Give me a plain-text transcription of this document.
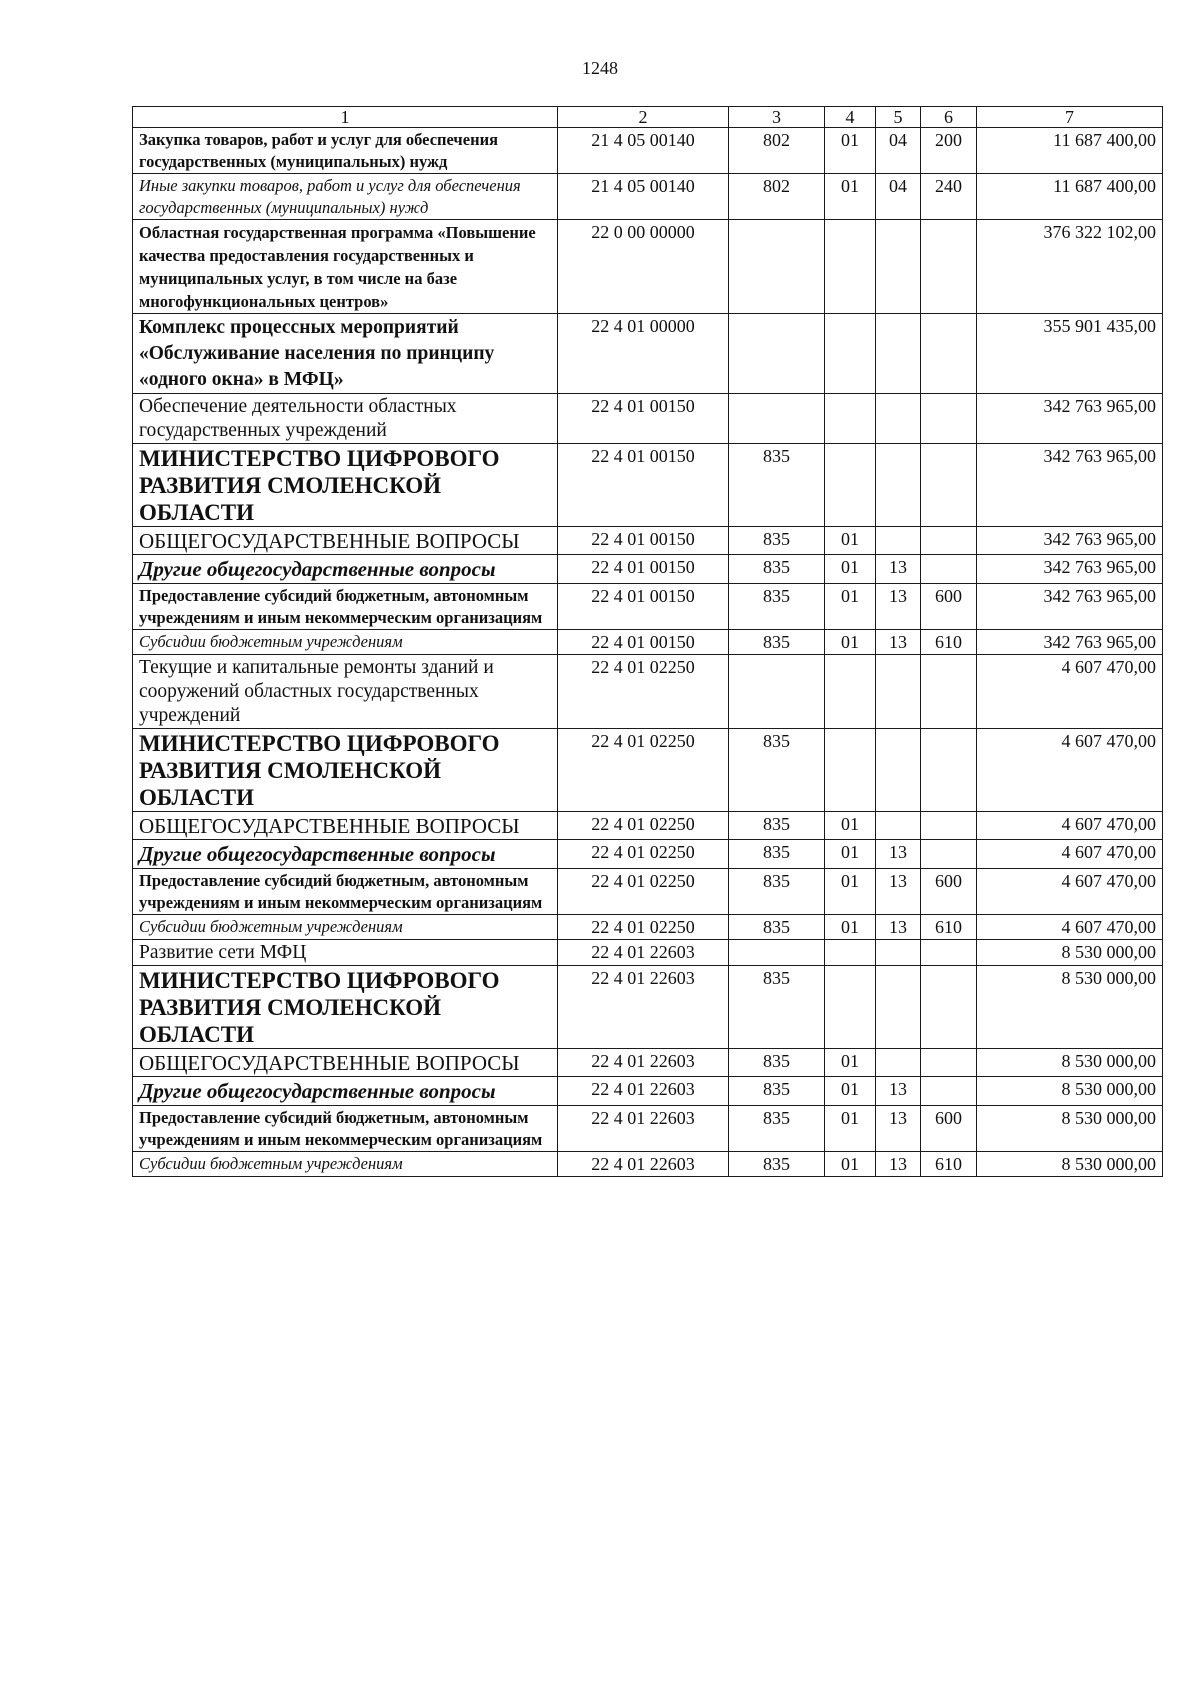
1248
1	2	3	4	5	6	7
Закупка товаров, работ и услуг для обеспечения государственных (муниципальных) нужд	21 4 05 00140	802	01	04	200	11 687 400,00
Иные закупки товаров, работ и услуг для обеспечения государственных (муниципальных) нужд	21 4 05 00140	802	01	04	240	11 687 400,00
Областная государственная программа «Повышение качества предоставления государственных и муниципальных услуг, в том числе на базе многофункциональных центров»	22 0 00 00000					376 322 102,00
Комплекс процессных мероприятий «Обслуживание населения по принципу «одного окна» в МФЦ»	22 4 01 00000					355 901 435,00
Обеспечение деятельности областных государственных учреждений	22 4 01 00150					342 763 965,00
МИНИСТЕРСТВО ЦИФРОВОГО РАЗВИТИЯ СМОЛЕНСКОЙ ОБЛАСТИ	22 4 01 00150	835				342 763 965,00
ОБЩЕГОСУДАРСТВЕННЫЕ ВОПРОСЫ	22 4 01 00150	835	01			342 763 965,00
Другие общегосударственные вопросы	22 4 01 00150	835	01	13		342 763 965,00
Предоставление субсидий бюджетным, автономным учреждениям и иным некоммерческим организациям	22 4 01 00150	835	01	13	600	342 763 965,00
Субсидии бюджетным учреждениям	22 4 01 00150	835	01	13	610	342 763 965,00
Текущие и капитальные ремонты зданий и сооружений областных государственных учреждений	22 4 01 02250					4 607 470,00
МИНИСТЕРСТВО ЦИФРОВОГО РАЗВИТИЯ СМОЛЕНСКОЙ ОБЛАСТИ	22 4 01 02250	835				4 607 470,00
ОБЩЕГОСУДАРСТВЕННЫЕ ВОПРОСЫ	22 4 01 02250	835	01			4 607 470,00
Другие общегосударственные вопросы	22 4 01 02250	835	01	13		4 607 470,00
Предоставление субсидий бюджетным, автономным учреждениям и иным некоммерческим организациям	22 4 01 02250	835	01	13	600	4 607 470,00
Субсидии бюджетным учреждениям	22 4 01 02250	835	01	13	610	4 607 470,00
Развитие сети МФЦ	22 4 01 22603					8 530 000,00
МИНИСТЕРСТВО ЦИФРОВОГО РАЗВИТИЯ СМОЛЕНСКОЙ ОБЛАСТИ	22 4 01 22603	835				8 530 000,00
ОБЩЕГОСУДАРСТВЕННЫЕ ВОПРОСЫ	22 4 01 22603	835	01			8 530 000,00
Другие общегосударственные вопросы	22 4 01 22603	835	01	13		8 530 000,00
Предоставление субсидий бюджетным, автономным учреждениям и иным некоммерческим организациям	22 4 01 22603	835	01	13	600	8 530 000,00
Субсидии бюджетным учреждениям	22 4 01 22603	835	01	13	610	8 530 000,00
